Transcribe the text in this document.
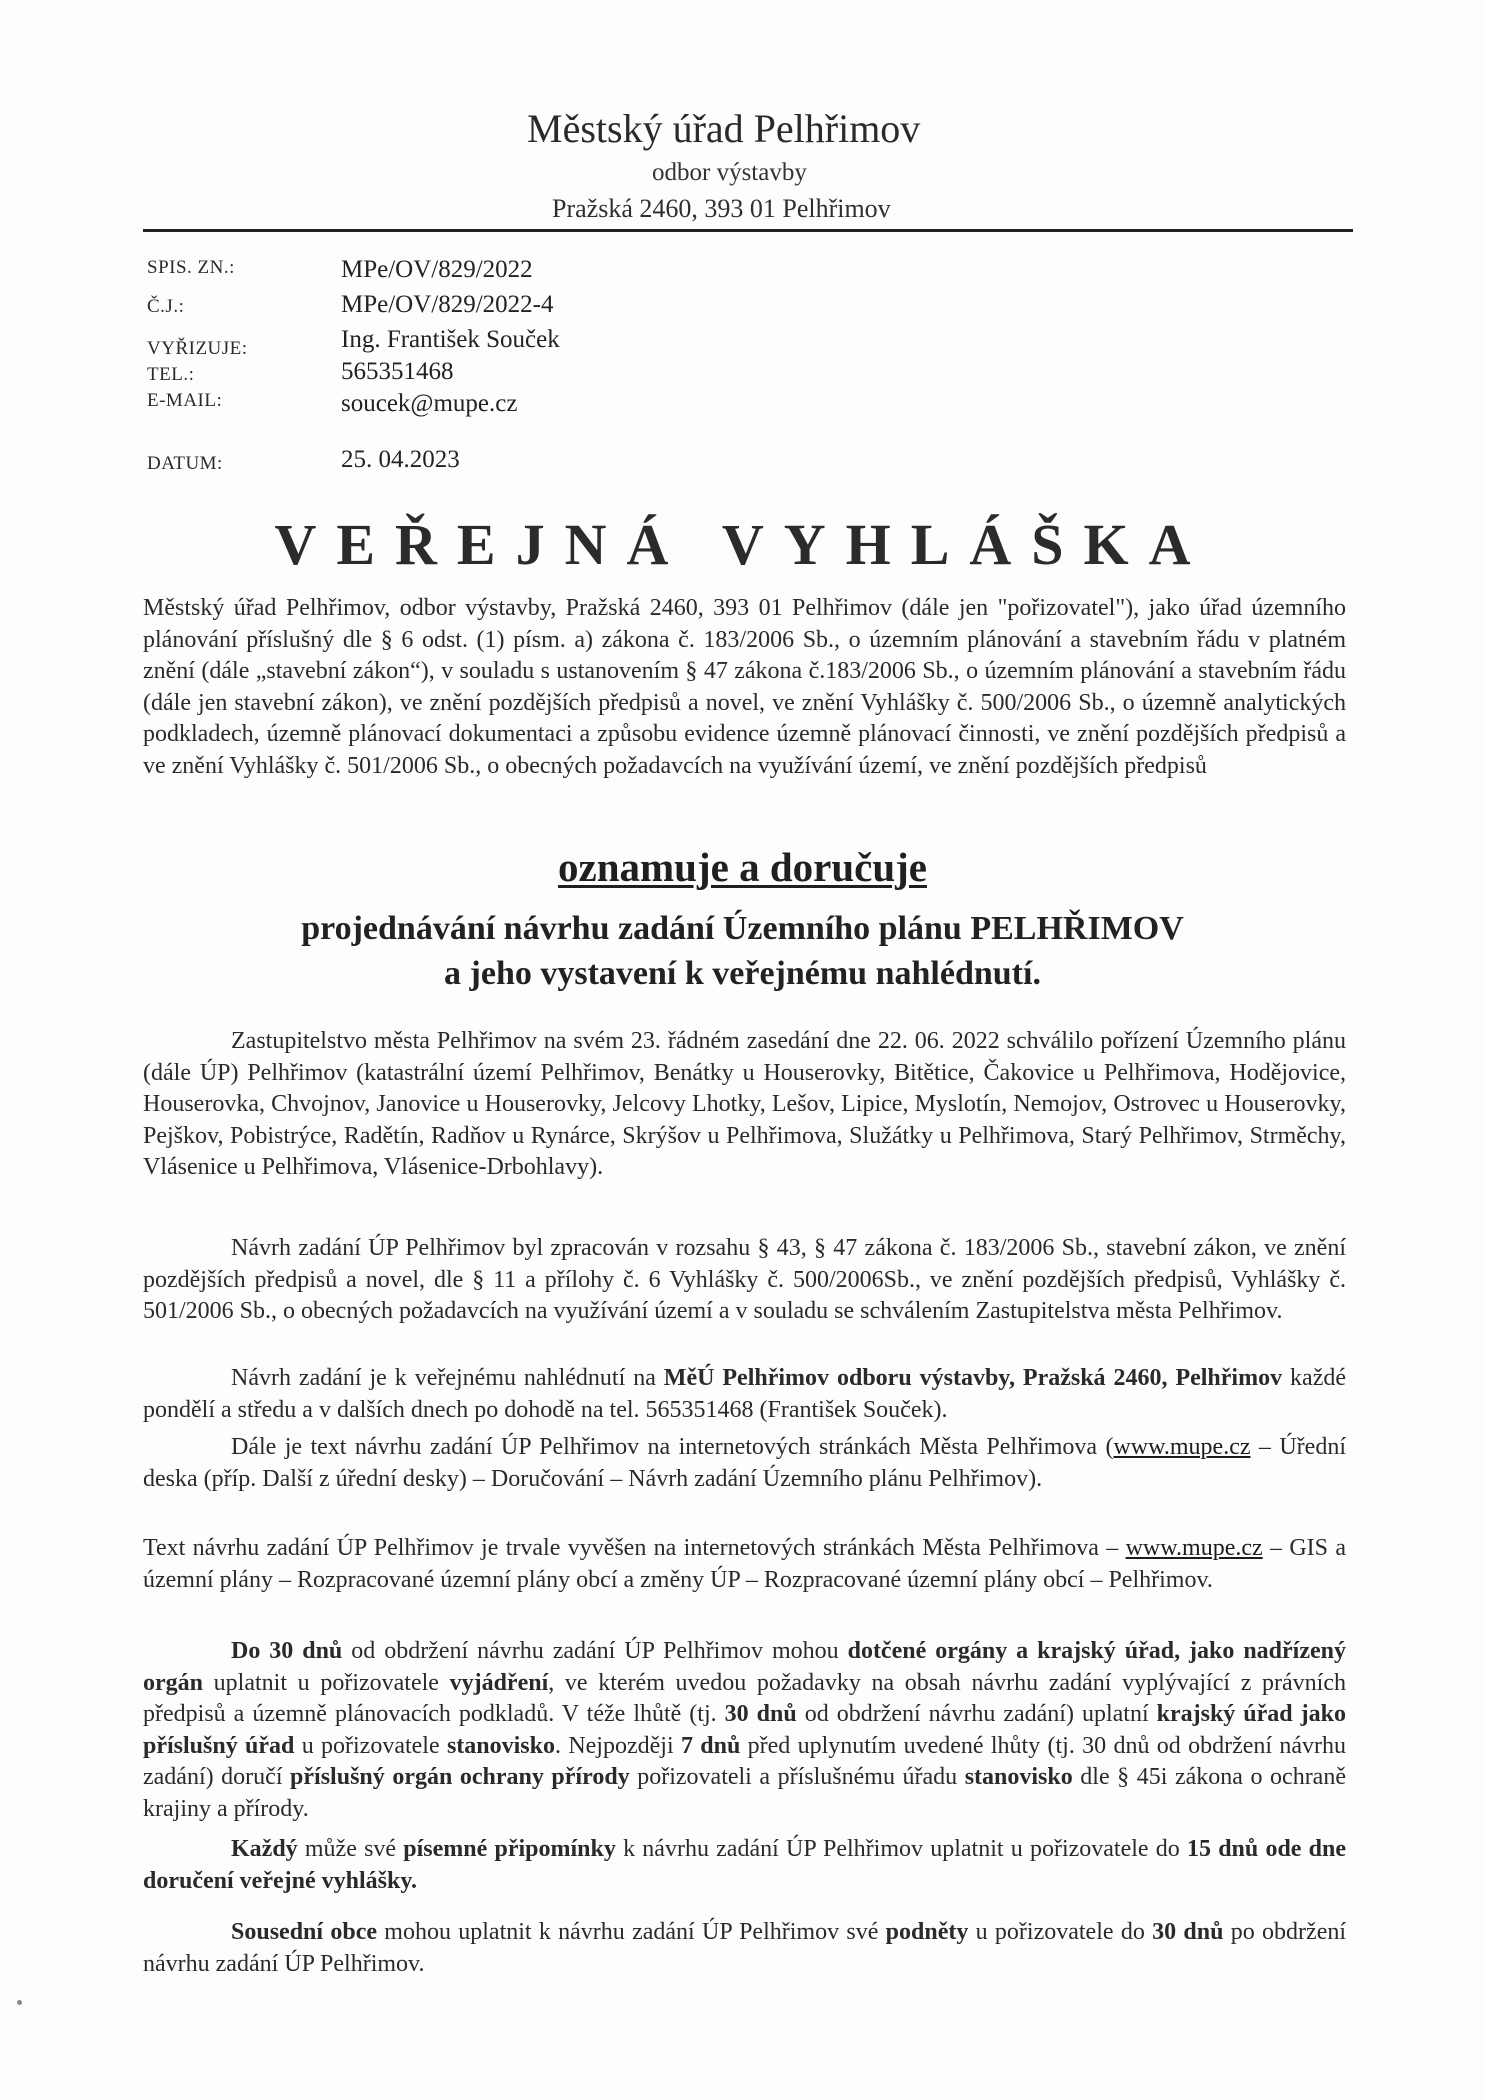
Městský úřad Pelhřimov
odbor výstavby
Pražská 2460, 393 01 Pelhřimov
SPIS. ZN.:	MPe/OV/829/2022
Č.J.:	MPe/OV/829/2022-4
VYŘIZUJE:	Ing. František Souček
TEL.:	565351468
E-MAIL:	soucek@mupe.cz
DATUM:	25. 04.2023
VEŘEJNÁ VYHLÁŠKA
Městský úřad Pelhřimov, odbor výstavby, Pražská 2460, 393 01 Pelhřimov (dále jen "pořizovatel"), jako úřad územního plánování příslušný dle § 6 odst. (1) písm. a) zákona č. 183/2006 Sb., o územním plánování a stavebním řádu v platném znění (dále „stavební zákon“), v souladu s ustanovením § 47 zákona č.183/2006 Sb., o územním plánování a stavebním řádu (dále jen stavební zákon), ve znění pozdějších předpisů a novel, ve znění Vyhlášky č. 500/2006 Sb., o územně analytických podkladech, územně plánovací dokumentaci a způsobu evidence územně plánovací činnosti, ve znění pozdějších předpisů a ve znění Vyhlášky č. 501/2006 Sb., o obecných požadavcích na využívání území, ve znění pozdějších předpisů
oznamuje a doručuje
projednávání návrhu zadání Územního plánu PELHŘIMOV
a jeho vystavení k veřejnému nahlédnutí.
Zastupitelstvo města Pelhřimov na svém 23. řádném zasedání dne 22. 06. 2022 schválilo pořízení Územního plánu (dále ÚP) Pelhřimov (katastrální území Pelhřimov, Benátky u Houserovky, Bitětice, Čakovice u Pelhřimova, Hodějovice, Houserovka, Chvojnov, Janovice u Houserovky, Jelcovy Lhotky, Lešov, Lipice, Myslotín, Nemojov, Ostrovec u Houserovky, Pejškov, Pobistrýce, Radětín, Radňov u Rynárce, Skrýšov u Pelhřimova, Služátky u Pelhřimova, Starý Pelhřimov, Strměchy, Vlásenice u Pelhřimova, Vlásenice-Drbohlavy).
Návrh zadání ÚP Pelhřimov byl zpracován v rozsahu § 43, § 47 zákona č. 183/2006 Sb., stavební zákon, ve znění pozdějších předpisů a novel, dle § 11 a přílohy č. 6 Vyhlášky č. 500/2006Sb., ve znění pozdějších předpisů, Vyhlášky č. 501/2006 Sb., o obecných požadavcích na využívání území a v souladu se schválením Zastupitelstva města Pelhřimov.
Návrh zadání je k veřejnému nahlédnutí na MěÚ Pelhřimov odboru výstavby, Pražská 2460, Pelhřimov každé pondělí a středu a v dalších dnech po dohodě na tel. 565351468 (František Souček).
Dále je text návrhu zadání ÚP Pelhřimov na internetových stránkách Města Pelhřimova (www.mupe.cz – Úřední deska (příp. Další z úřední desky) – Doručování – Návrh zadání Územního plánu Pelhřimov).
Text návrhu zadání ÚP Pelhřimov je trvale vyvěšen na internetových stránkách Města Pelhřimova – www.mupe.cz – GIS a územní plány – Rozpracované územní plány obcí a změny ÚP – Rozpracované územní plány obcí – Pelhřimov.
Do 30 dnů od obdržení návrhu zadání ÚP Pelhřimov mohou dotčené orgány a krajský úřad, jako nadřízený orgán uplatnit u pořizovatele vyjádření, ve kterém uvedou požadavky na obsah návrhu zadání vyplývající z právních předpisů a územně plánovacích podkladů. V téže lhůtě (tj. 30 dnů od obdržení návrhu zadání) uplatní krajský úřad jako příslušný úřad u pořizovatele stanovisko. Nejpozději 7 dnů před uplynutím uvedené lhůty (tj. 30 dnů od obdržení návrhu zadání) doručí příslušný orgán ochrany přírody pořizovateli a příslušnému úřadu stanovisko dle § 45i zákona o ochraně krajiny a přírody.
Každý může své písemné připomínky k návrhu zadání ÚP Pelhřimov uplatnit u pořizovatele do 15 dnů ode dne doručení veřejné vyhlášky.
Sousední obce mohou uplatnit k návrhu zadání ÚP Pelhřimov své podněty u pořizovatele do 30 dnů po obdržení návrhu zadání ÚP Pelhřimov.
